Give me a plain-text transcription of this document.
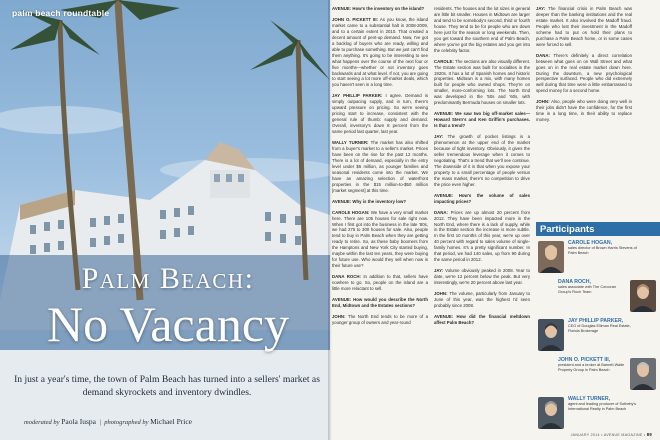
palm beach roundtable
Palm Beach:
No Vacancy
In just a year's time, the town of Palm Beach has turned into a sellers' market as demand skyrockets and inventory dwindles.
moderated by Paola Iuspa  |  photographed by Michael Price

AVENUE: How's the inventory on the island?

JOHN O. PICKETT III: As you know, the island market came to a substantial halt in 2008-2009, and to a certain extent in 2010. That created a decent amount of pent-up demand. Now, I've got a backlog of buyers who are ready, willing and able to purchase something. But we just can't find them anything. It's going to be interesting to see what happens over the course of the next four or five months—whether or not inventory goes backwards and at what level. If not, you are going to start seeing a lot more off-market deals, which you haven't seen in a long time.

JAY PHILLIP PARKER: I agree. Demand is simply outpacing supply, and in turn, there's upward pressure on pricing. So we're seeing pricing start to increase, consistent with the general rule of thumb: supply and demand. Overall, inventory's down 8 percent from the same period last quarter, last year.

WALLY TURNER: The market has also shifted from a buyer's market to a seller's market. Prices have been on the rise for the past 12 months. There is a lot of demand, especially in the entry level under $5 million, as younger families and seasonal residents come into the market. We have an amazing selection of waterfront properties in the $15 million-to-$50 million [market segment] at this time.

AVENUE: Why is the inventory low?

CAROLE HOGAN: We have a very small market here. There are 105 houses for sale right now. When I first got into the business in the late '80s, we had 275 to 300 houses for sale. Also, people tend to buy in Palm Beach when they are getting ready to retire. So, as these baby boomers from the Hamptons and New York City started buying, maybe within the last ten years, they were buying for future use. Who would they sell when now is their future use?

DANA ROCH: In addition to that, sellers have nowhere to go. So, people on the island are a little more reluctant to sell.

AVENUE: How would you describe the North End, Midtown and the Estates sections?

JOHN: The North End tends to be more of a younger group of owners and year-round

residents. The houses and the lot sizes in general are little bit smaller. Houses in Midtown are larger and tend to be somebody's second, third or fourth house. They tend to be for people who are down here just for the season or long weekends. Then, you get toward the southern end of Palm Beach, where you've got the big estates and you get into the celebrity factor.

CAROLE: The sections are also visually different. The Estate section was built for socialites in the 1920s. It has a lot of Spanish homes and historic properties. Midtown is a mix, with many homes built for people who owned shops. They're on smaller, more-conforming lots. The North End was developed in the '50s and '60s, with predominantly Bermuda houses on smaller lots.

AVENUE: We saw two big off-market sales—Howard Stern's and Ken Griffin's purchases. Is that a trend?

JAY: The growth of pocket listings is a phenomenon at the upper end of the market because of tight inventory. Obviously, it gives the seller tremendous leverage when it comes to negotiating. That's a trend that we'll see continue. The downside of it is that when you expose your property to a small percentage of people versus the mass market, there's no competition to drive the price even higher.

AVENUE: How's the volume of sales impacting prices?

DANA: Prices are up almost 20 percent from 2012. They have been impacted more in the North End, where there is a lack of supply, while in the Estate section the increase is more subtle. In the first 10 months of this year, we're up over 40 percent with regard to sales volume of single-family homes. It's a pretty significant number. In that period, we had 140 sales, up from 90 during the same period in 2012.

JAY: Volume obviously peaked in 2008. Year to date, we're 12 percent below the peak. But very interestingly, we're 20 percent above last year.

JOHN: The volume, particularly from January to June of this year, was the highest I'd seen probably since 2008.

AVENUE: How did the financial meltdown affect Palm Beach?

JAY: The financial crisis in Palm Beach was deeper than the banking institutions and the real estate market. It also involved the Madoff fraud. People who lost their investment in the Madoff scheme had to put on hold their plans to purchase a Palm Beach home, or in some cases were forced to sell.

DANA: There's definitely a direct correlation between what goes on on Wall Street and what goes on in the real estate market down here. During the downturn, a new psychological perspective surfaced. People who did extremely well during that time were a little embarrassed to spend money for a second home.

JOHN: Also, people who were doing very well in their jobs didn't have the confidence, for the first time in a long time, in their ability to replace money.

Participants
CAROLE HOGAN,
sales director of Brown Harris Stevens of Palm Beach
DANA ROCH,
sales associate with The Corcoran Group's Roch Team
JAY PHILLIP PARKER,
CEO of Douglas Elliman Real Estate, Florida Brokerage
JOHN O. PICKETT III,
president and a broker at Barnett Waite Property Group in Palm Beach
WALLY TURNER,
agent and leading producer of Sotheby's International Realty in Palm Beach
JANUARY 2014 • AVENUE MAGAZINE • 89
